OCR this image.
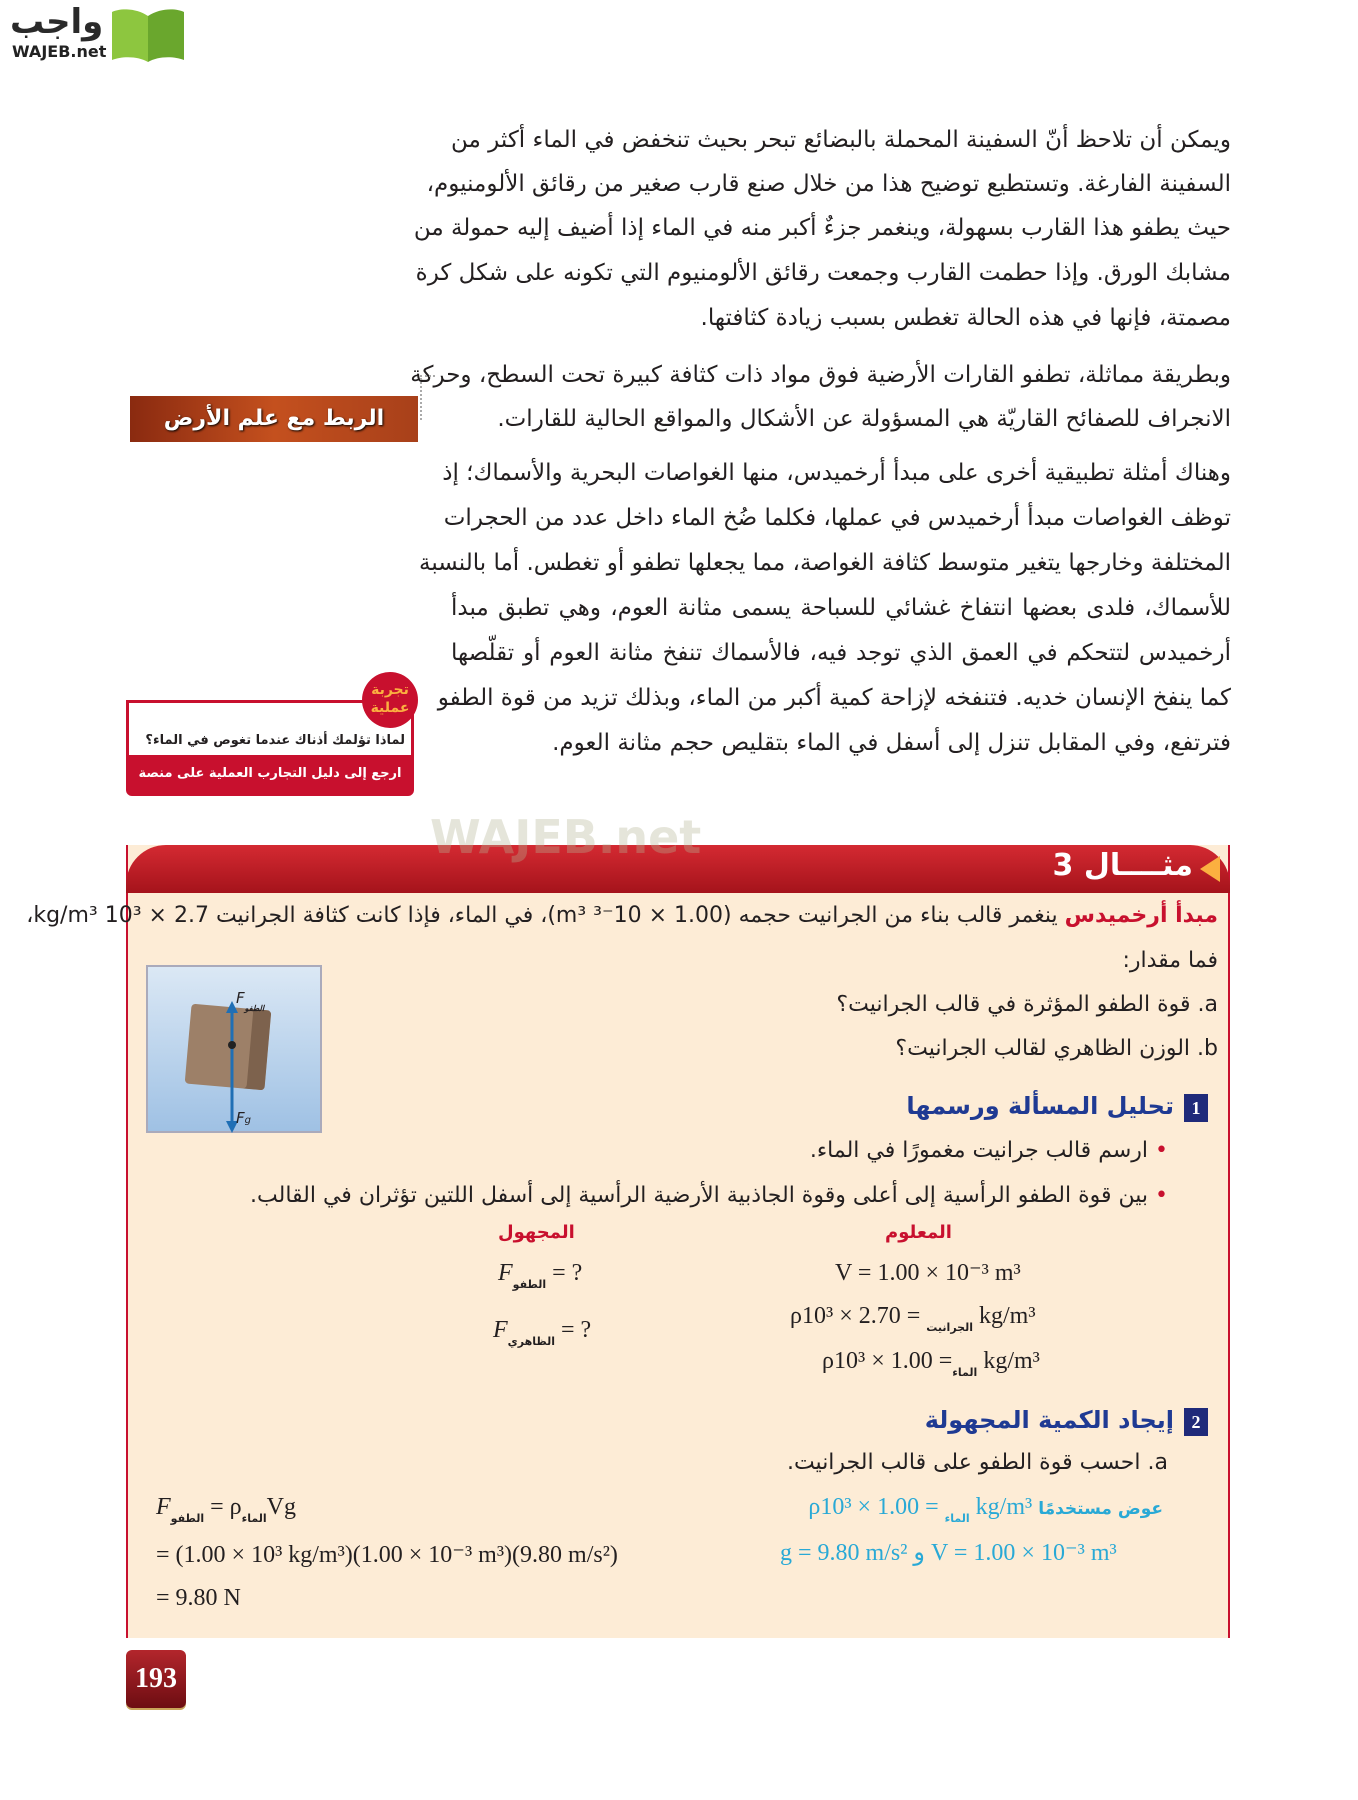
واجب
WAJEB.net
ويمكن أن تلاحظ أنّ السفينة المحملة بالبضائع تبحر بحيث تنخفض في الماء أكثر من
السفينة الفارغة. وتستطيع توضيح هذا من خلال صنع قارب صغير من رقائق الألومنيوم،
حيث يطفو هذا القارب بسهولة، وينغمر جزءٌ أكبر منه في الماء إذا أضيف إليه حمولة من
مشابك الورق. وإذا حطمت القارب وجمعت رقائق الألومنيوم التي تكونه على شكل كرة
مصمتة، فإنها في هذه الحالة تغطس بسبب زيادة كثافتها.
وبطريقة مماثلة، تطفو القارات الأرضية فوق مواد ذات كثافة كبيرة تحت السطح، وحركة
الانجراف للصفائح القاريّة هي المسؤولة عن الأشكال والمواقع الحالية للقارات.
وهناك أمثلة تطبيقية أخرى على مبدأ أرخميدس، منها الغواصات البحرية والأسماك؛ إذ
توظف الغواصات مبدأ أرخميدس في عملها، فكلما ضُخ الماء داخل عدد من الحجرات
المختلفة وخارجها يتغير متوسط كثافة الغواصة، مما يجعلها تطفو أو تغطس. أما بالنسبة
للأسماك، فلدى بعضها انتفاخ غشائي للسباحة يسمى مثانة العوم، وهي تطبق مبدأ
أرخميدس لتتحكم في العمق الذي توجد فيه، فالأسماك تنفخ مثانة العوم أو تقلّصها
كما ينفخ الإنسان خديه. فتنفخه لإزاحة كمية أكبر من الماء، وبذلك تزيد من قوة الطفو
فترتفع، وفي المقابل تنزل إلى أسفل في الماء بتقليص حجم مثانة العوم.
الربط مع علم الأرض
لماذا تؤلمك أذناك عندما تغوص في الماء؟
ارجع إلى دليل التجارب العملية على منصة عين
تجربة عملية
WAJEB.net
مثــــال 3
مبدأ أرخميدس ينغمر قالب بناء من الجرانيت حجمه (1.00 × 10⁻³ m³)، في الماء، فإذا كانت كثافة الجرانيت 2.7 × 10³ kg/m³،
فما مقدار:
a. قوة الطفو المؤثرة في قالب الجرانيت؟
b. الوزن الظاهري لقالب الجرانيت؟
$F_{الطفو}$
Fg
1تحليل المسألة ورسمها
• ارسم قالب جرانيت مغمورًا في الماء.
• بين قوة الطفو الرأسية إلى أعلى وقوة الجاذبية الأرضية الرأسية إلى أسفل اللتين تؤثران في القالب.
المعلوم
المجهول
V = 1.00 × 10⁻³ m³
ρ	$_{الجرانيت}$ = 2.70 × 10³ kg/m³
ρ	$_{الماء}$= 1.00 × 10³ kg/m³
$F_{الطفو}$ = ?
$F_{الظاهري}$ = ?
2إيجاد الكمية المجهولة
a. احسب قوة الطفو على قالب الجرانيت.
عوض مستخدمًا ρ	$_{الماء}$ = 1.00 × 10³ kg/m³
g = 9.80 m/s² و V = 1.00 × 10⁻³ m³
$F_{الطفو} = \rho_{الماء}Vg$
= (1.00 × 10³ kg/m³)(1.00 × 10⁻³ m³)(9.80 m/s²)
= 9.80 N
193
